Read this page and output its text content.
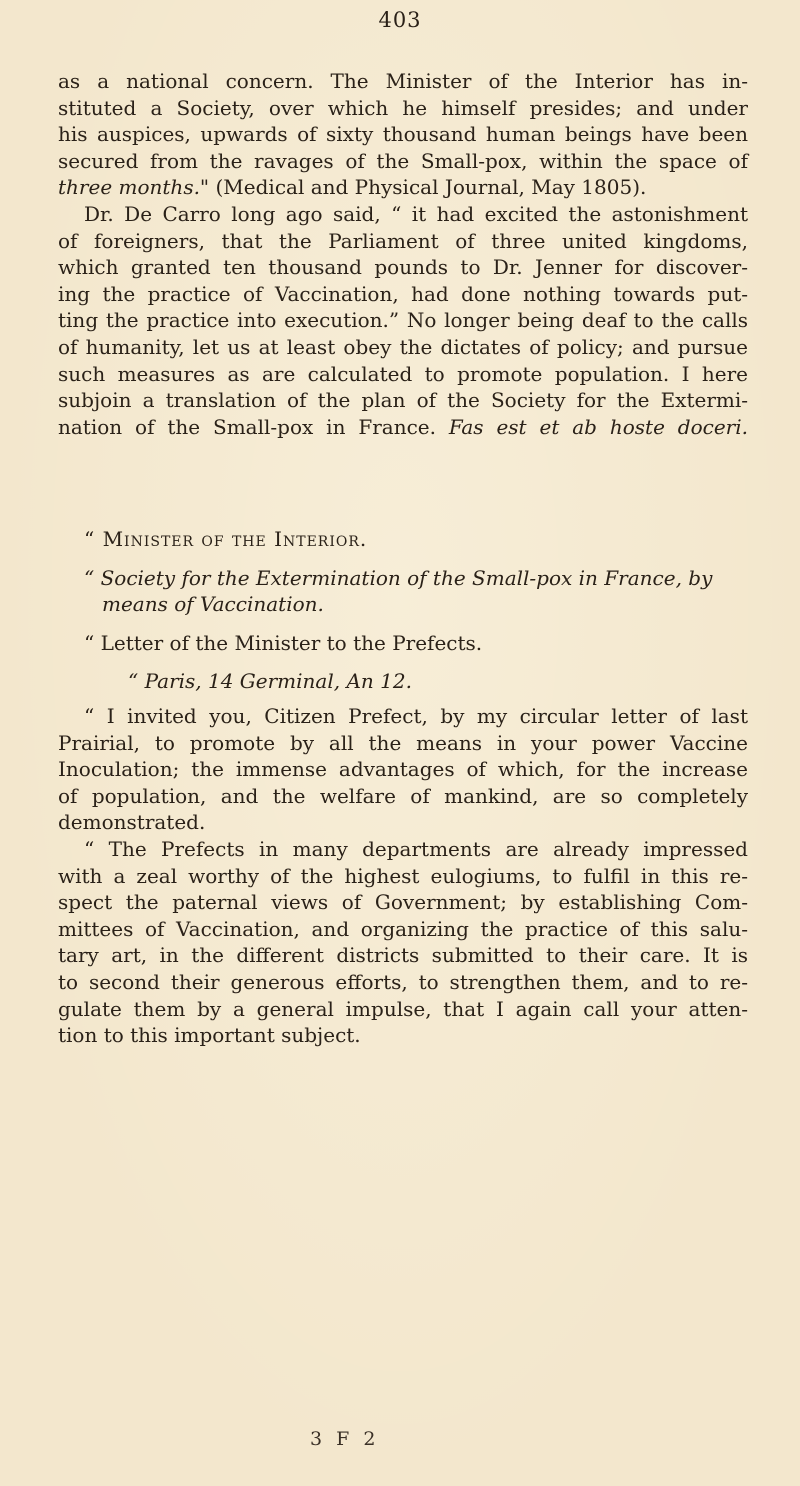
403
as a national concern. The Minister of the Interior has in-
stituted a Society, over which he himself presides; and under
his auspices, upwards of sixty thousand human beings have been
secured from the ravages of the Small-pox, within the space of
three months." (Medical and Physical Journal, May 1805).
Dr. De Carro long ago said, “ it had excited the astonishment
of foreigners, that the Parliament of three united kingdoms,
which granted ten thousand pounds to Dr. Jenner for discover-
ing the practice of Vaccination, had done nothing towards put-
ting the practice into execution.” No longer being deaf to the calls
of humanity, let us at least obey the dictates of policy; and pursue
such measures as are calculated to promote population. I here
subjoin a translation of the plan of the Society for the Extermi-
nation of the Small-pox in France. Fas est et ab hoste doceri.
“ Minister of the Interior.
“ Society for the Extermination of the Small-pox in France, by
means of Vaccination.
“ Letter of the Minister to the Prefects.
“ Paris, 14 Germinal, An 12.
“ I invited you, Citizen Prefect, by my circular letter of last
Prairial, to promote by all the means in your power Vaccine
Inoculation; the immense advantages of which, for the increase
of population, and the welfare of mankind, are so completely
demonstrated.
“ The Prefects in many departments are already impressed
with a zeal worthy of the highest eulogiums, to fulfil in this re-
spect the paternal views of Government; by establishing Com-
mittees of Vaccination, and organizing the practice of this salu-
tary art, in the different districts submitted to their care. It is
to second their generous efforts, to strengthen them, and to re-
gulate them by a general impulse, that I again call your atten-
tion to this important subject.
3 F 2
